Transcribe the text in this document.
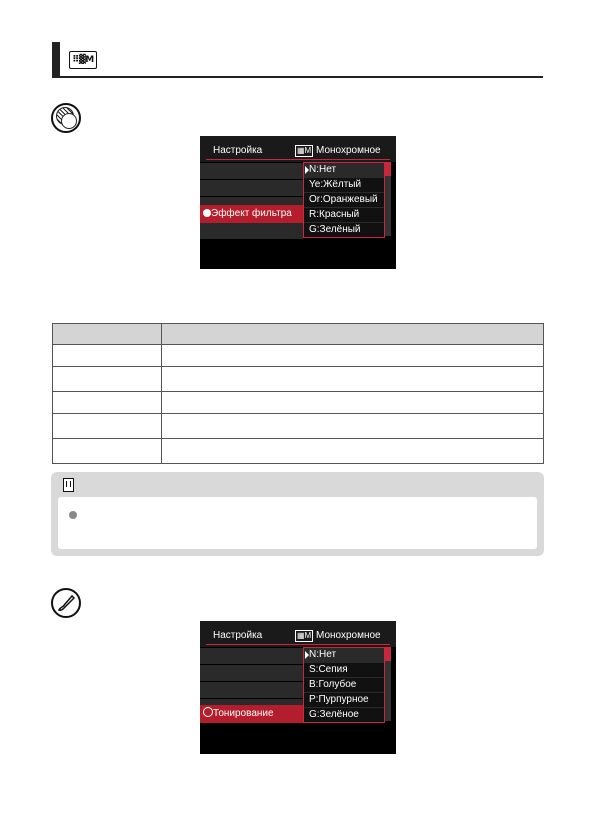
⠿▓M
Настройка	▦M Монохромное
Эффект фильтра
N:Нет
Ye:Жёлтый
Or:Оранжевый
R:Красный
G:Зелёный

Настройка	▦M Монохромное
Тонирование
N:Нет
S:Сепия
B:Голубое
P:Пурпурное
G:Зелёное
